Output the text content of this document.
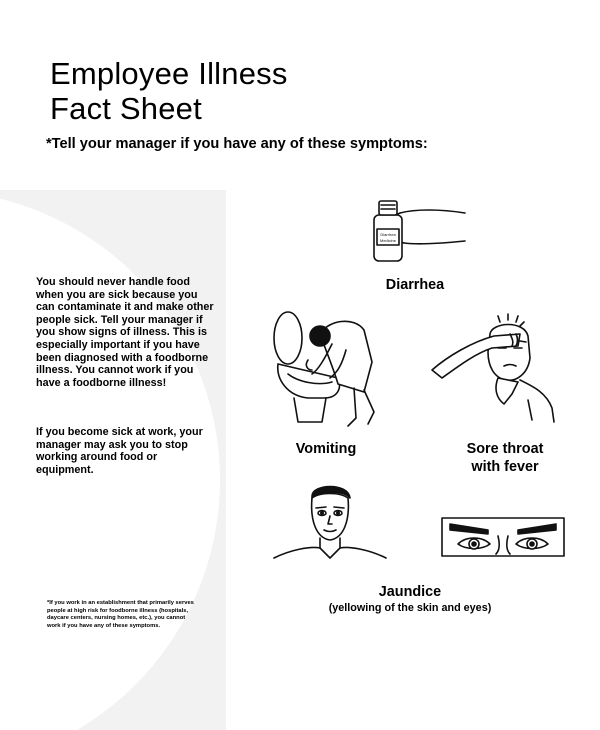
Employee Illness
Fact Sheet
*Tell your manager if you have any of these symptoms:
You should never handle food when you are sick because you can contaminate it and make other people sick. Tell your manager if you show signs of illness. This is especially important if you have been diagnosed with a foodborne illness. You cannot work if you have a foodborne illness!
If you become sick at work, your manager may ask you to stop working around food or equipment.
*If you work in an establishment that primarily serves people at high risk for foodborne illness (hospitals, daycare centers, nursing homes, etc.), you cannot work if you have any of these symptoms.
Diarrhea
Medicine
Diarrhea
Vomiting	Sore throat
with fever
Jaundice
(yellowing of the skin and eyes)
